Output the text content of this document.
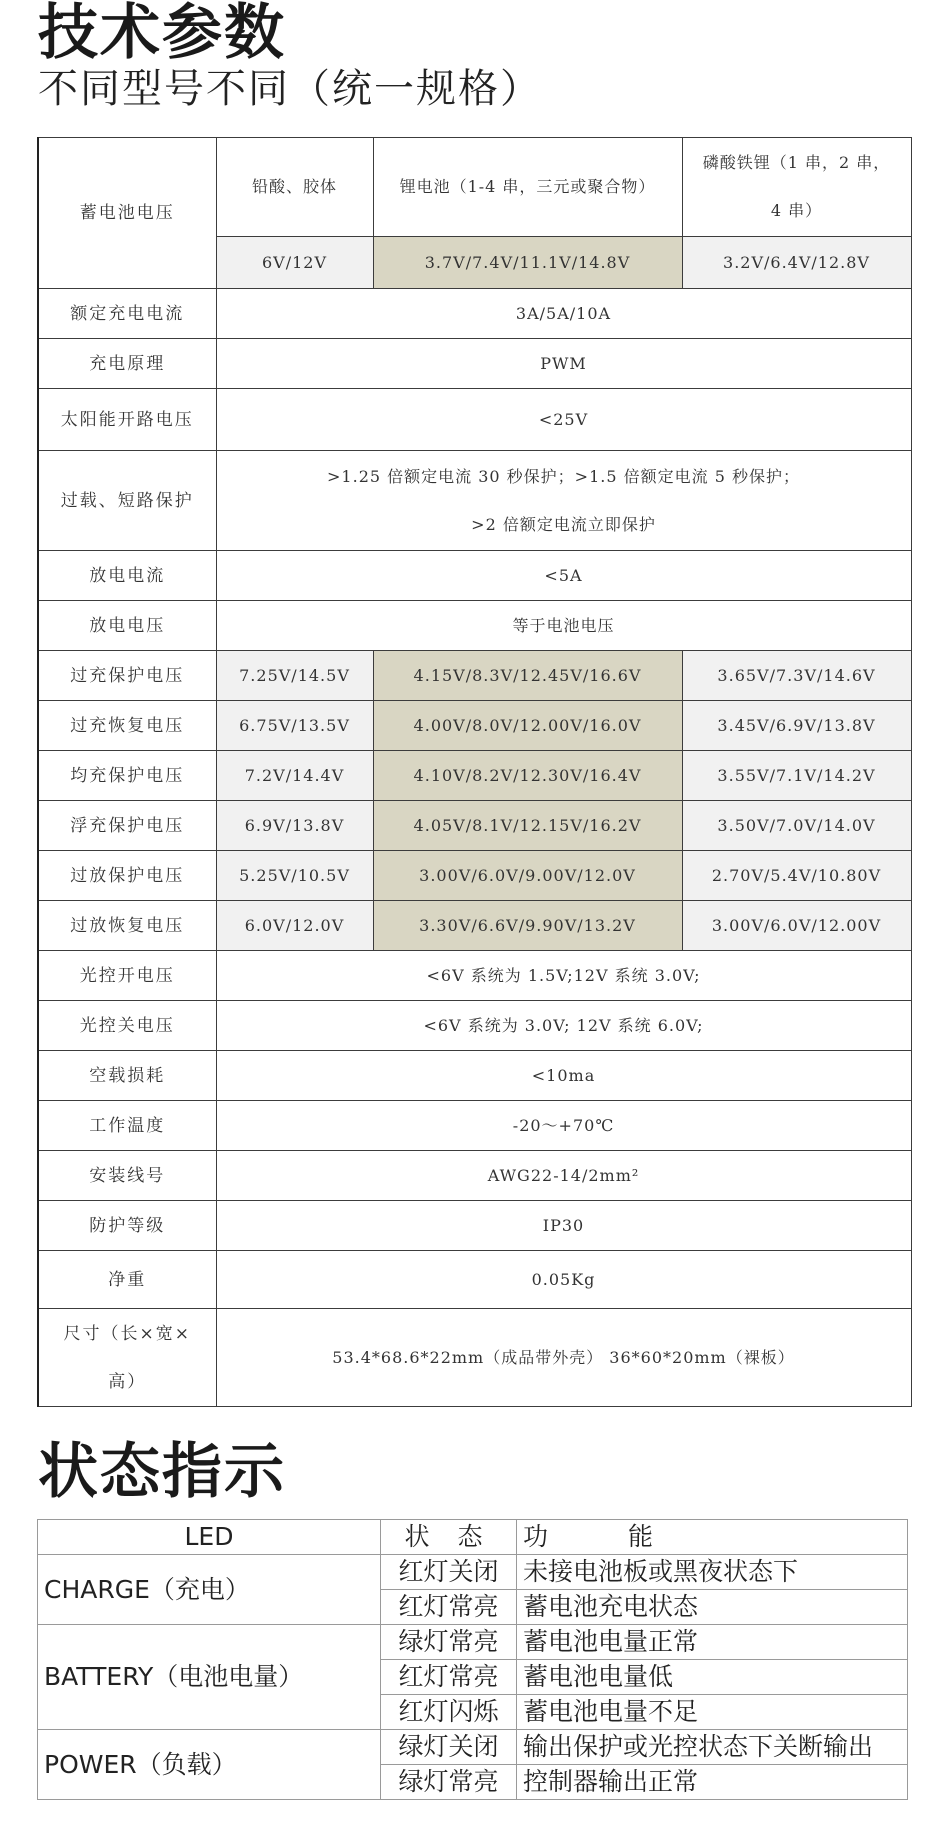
技术参数
不同型号不同（统一规格）
蓄电池电压	铅酸、胶体	锂电池（1-4 串，三元或聚合物）	磷酸铁锂（1 串，2 串，
4 串）
	6V/12V	3.7V/7.4V/11.1V/14.8V	3.2V/6.4V/12.8V
额定充电电流	3A/5A/10A		
充电原理	PWM		
太阳能开路电压	<25V		
过载、短路保护	>1.25 倍额定电流 30 秒保护；>1.5 倍额定电流 5 秒保护；
>2 倍额定电流立即保护		
放电电流	<5A		
放电电压	等于电池电压		
过充保护电压	7.25V/14.5V	4.15V/8.3V/12.45V/16.6V	3.65V/7.3V/14.6V
过充恢复电压	6.75V/13.5V	4.00V/8.0V/12.00V/16.0V	3.45V/6.9V/13.8V
均充保护电压	7.2V/14.4V	4.10V/8.2V/12.30V/16.4V	3.55V/7.1V/14.2V
浮充保护电压	6.9V/13.8V	4.05V/8.1V/12.15V/16.2V	3.50V/7.0V/14.0V
过放保护电压	5.25V/10.5V	3.00V/6.0V/9.00V/12.0V	2.70V/5.4V/10.80V
过放恢复电压	6.0V/12.0V	3.30V/6.6V/9.90V/13.2V	3.00V/6.0V/12.00V
光控开电压	<6V 系统为 1.5V;12V 系统 3.0V;		
光控关电压	<6V 系统为 3.0V; 12V 系统 6.0V;		
空载损耗	<10ma		
工作温度	-20～+70℃		
安装线号	AWG22-14/2mm²		
防护等级	IP30		
净重	0.05Kg		
尺寸（长×宽×
高）	53.4*68.6*22mm（成品带外壳） 36*60*20mm（裸板）		
状态指示
LED	状 态	功 能
CHARGE（充电）	红灯关闭	未接电池板或黑夜状态下
	红灯常亮	蓄电池充电状态
BATTERY（电池电量）	绿灯常亮	蓄电池电量正常
	红灯常亮	蓄电池电量低
	红灯闪烁	蓄电池电量不足
POWER（负载）	绿灯关闭	输出保护或光控状态下关断输出
	绿灯常亮	控制器输出正常
